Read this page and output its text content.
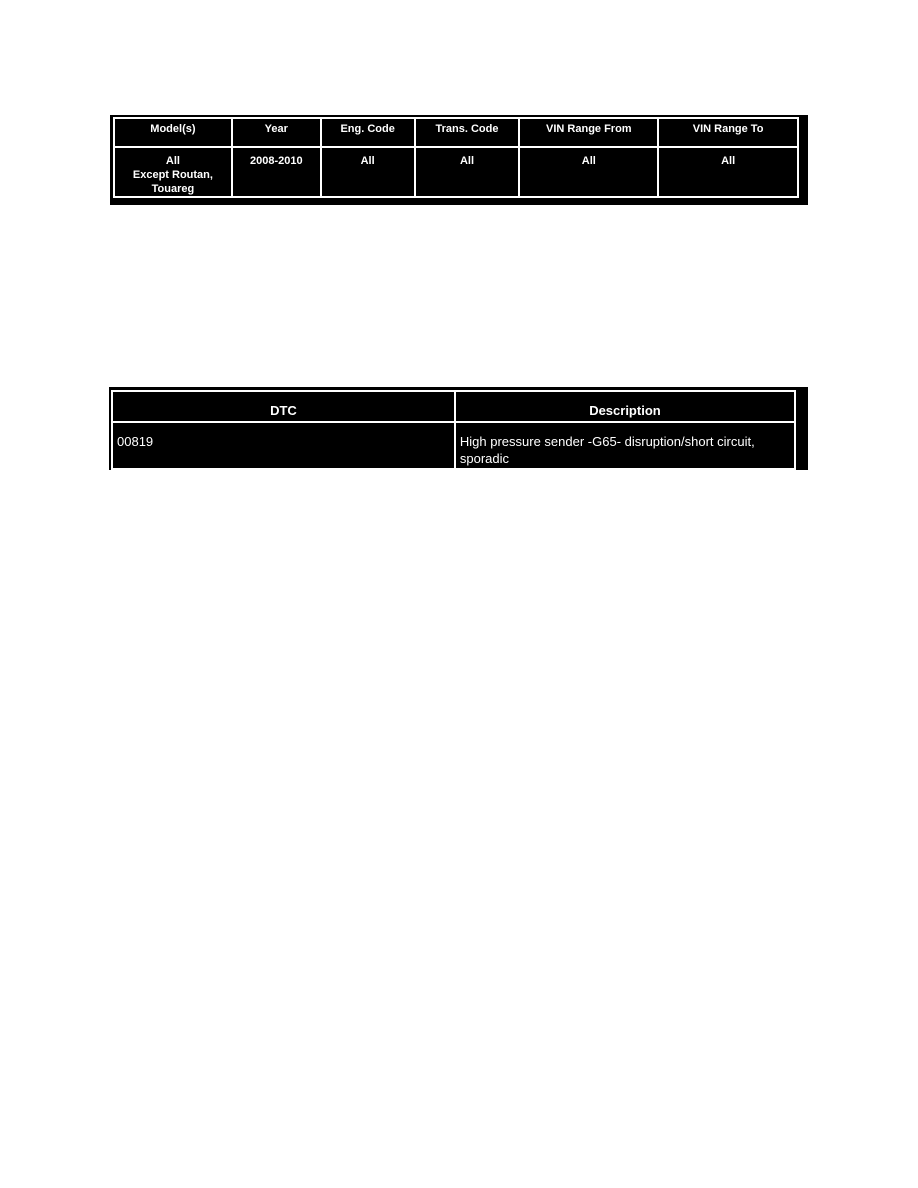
Model(s)	Year	Eng. Code	Trans. Code	VIN Range From	VIN Range To

All
Except Routan,
Touareg	2008-2010	All	All	All	All
DTC	Description
00819	High pressure sender -G65- disruption/short circuit, sporadic
